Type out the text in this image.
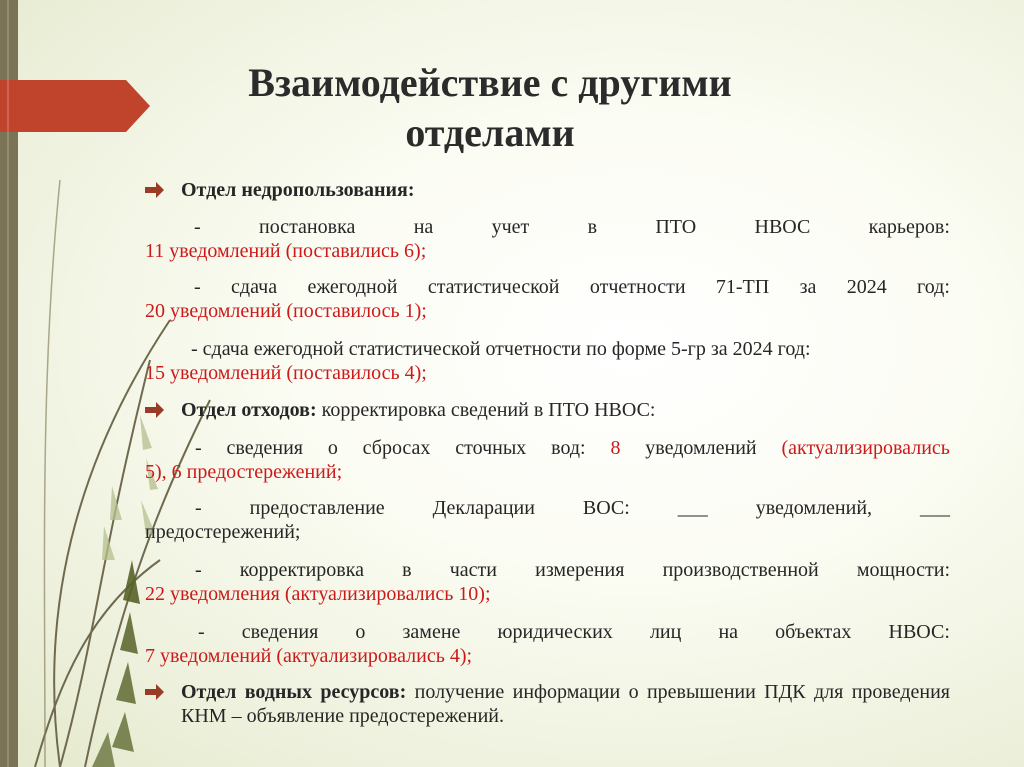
Взаимодействие с другими
отделами
Отдел недропользования:
-	постановка	на	учет	в	ПТО	НВОС	карьеров:
11 уведомлений (поставились 6);
- сдача ежегодной статистической отчетности 71-ТП за 2024 год:
20 уведомлений (поставилось 1);
- сдача ежегодной статистической отчетности по форме 5-гр за 2024 год:
15 уведомлений (поставилось 4);
Отдел отходов: корректировка сведений в ПТО НВОС:
- сведения о сбросах сточных вод: 8 уведомлений (актуализировались
5), 6 предостережений;
- предоставление Декларации ВОС: ___ уведомлений, ___
предостережений;
- корректировка в части измерения производственной мощности:
22 уведомления (актуализировались 10);
- сведения о замене юридических лиц на объектах НВОС:
7 уведомлений (актуализировались 4);
Отдел водных ресурсов: получение информации о превышении ПДК для проведения КНМ – объявление предостережений.
